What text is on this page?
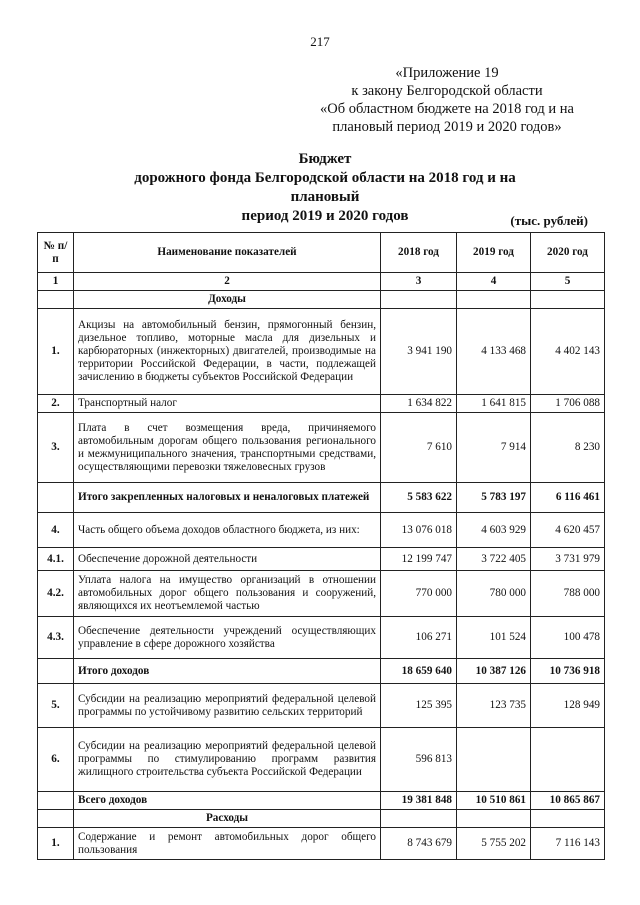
217
«Приложение 19
к закону Белгородской области
«Об областном бюджете на 2018 год и на
плановый период 2019 и 2020 годов»
Бюджет
дорожного фонда Белгородской области на 2018 год и на плановый
период 2019 и 2020 годов	(тыс. рублей)
№ п/п	Наименование показателей	2018 год	2019 год	2020 год
1	2	3	4	5
	Доходы			
1.	Акцизы на автомобильный бензин, прямогонный бензин, дизельное топливо, моторные масла для дизельных и карбюраторных (инжекторных) двигателей, производимые на территории Российской Федерации, в части, подлежащей зачислению в бюджеты субъектов Российской Федерации	3 941 190	4 133 468	4 402 143
2.	Транспортный налог	1 634 822	1 641 815	1 706 088
3.	Плата в счет возмещения вреда, причиняемого автомобильным дорогам общего пользования регионального и межмуниципального значения, транспортными средствами, осуществляющими перевозки тяжеловесных грузов	7 610	7 914	8 230
	Итого закрепленных налоговых и неналоговых платежей	5 583 622	5 783 197	6 116 461
4.	Часть общего объема доходов областного бюджета, из них:	13 076 018	4 603 929	4 620 457
4.1.	Обеспечение дорожной деятельности	12 199 747	3 722 405	3 731 979
4.2.	Уплата налога на имущество организаций в отношении автомобильных дорог общего пользования и сооружений, являющихся их неотъемлемой частью	770 000	780 000	788 000
4.3.	Обеспечение деятельности учреждений осуществляющих управление в сфере дорожного хозяйства	106 271	101 524	100 478
	Итого доходов	18 659 640	10 387 126	10 736 918
5.	Субсидии на реализацию мероприятий федеральной целевой программы по устойчивому развитию сельских территорий	125 395	123 735	128 949
6.	Субсидии на реализацию мероприятий федеральной целевой программы по стимулированию программ развития жилищного строительства субъекта Российской Федерации	596 813		
	Всего доходов	19 381 848	10 510 861	10 865 867
	Расходы			
1.	Содержание и ремонт автомобильных дорог общего пользования	8 743 679	5 755 202	7 116 143
